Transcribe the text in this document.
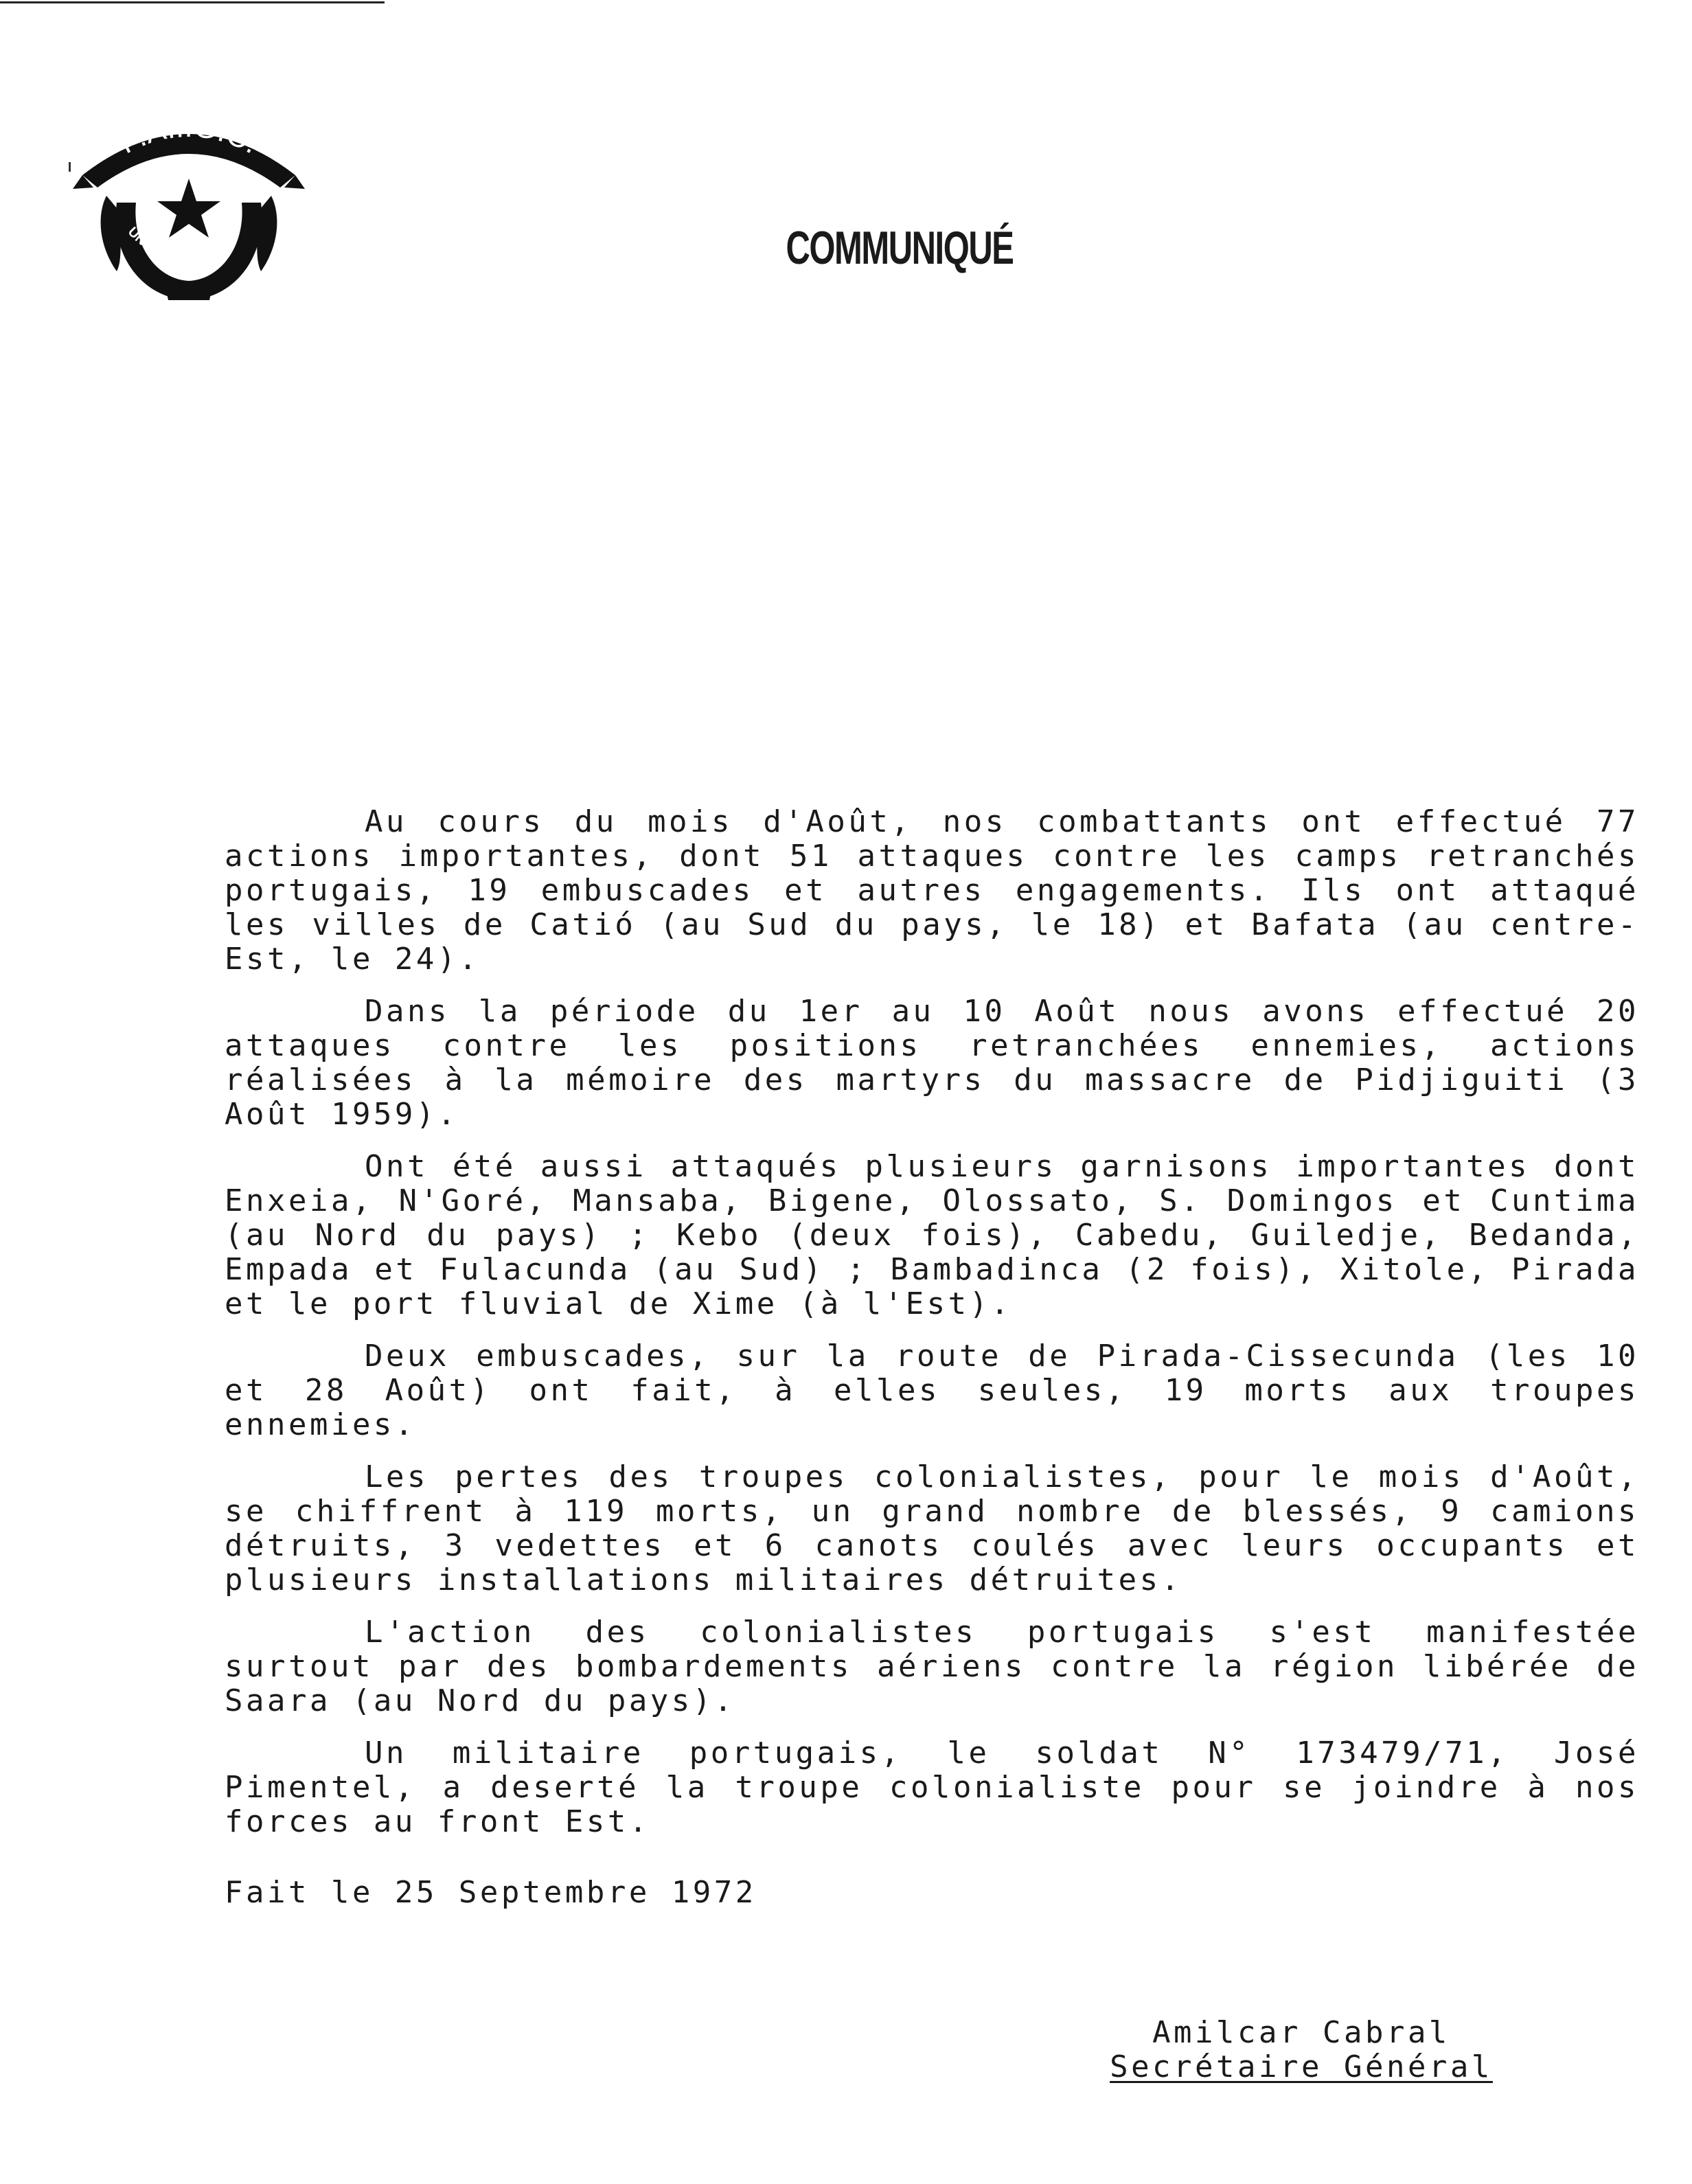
P.A.I.G.C.
UNIDADE E LUTA	COMMUNIQUÉ

Au cours du mois d'Août, nos combattants ont effectué 77 actions importantes, dont 51 attaques contre les camps retranchés portugais, 19 embuscades et autres engagements. Ils ont attaqué les villes de Catió (au Sud du pays, le 18) et Bafata (au centre-Est, le 24).

Dans la période du 1er au 10 Août nous avons effectué 20 attaques contre les positions retranchées ennemies, actions réalisées à la mémoire des martyrs du massacre de Pidjiguiti (3 Août 1959).

Ont été aussi attaqués plusieurs garnisons importantes dont Enxeia, N'Goré, Mansaba, Bigene, Olossato, S. Domingos et Cuntima (au Nord du pays) ; Kebo (deux fois), Cabedu, Guiledje, Bedanda, Empada et Fulacunda (au Sud) ; Bambadinca (2 fois), Xitole, Pirada et le port fluvial de Xime (à l'Est).

Deux embuscades, sur la route de Pirada-Cissecunda (les 10 et 28 Août) ont fait, à elles seules, 19 morts aux troupes ennemies.

Les pertes des troupes colonialistes, pour le mois d'Août, se chiffrent à 119 morts, un grand nombre de blessés, 9 camions détruits, 3 vedettes et 6 canots coulés avec leurs occupants et plusieurs installations militaires détruites.

L'action des colonialistes portugais s'est manifestée surtout par des bombardements aériens contre la région libérée de Saara (au Nord du pays).

Un militaire portugais, le soldat N° 173479/71, José Pimentel, a deserté la troupe colonialiste pour se joindre à nos forces au front Est.

Fait le 25 Septembre 1972
Amilcar Cabral
Secrétaire Général
